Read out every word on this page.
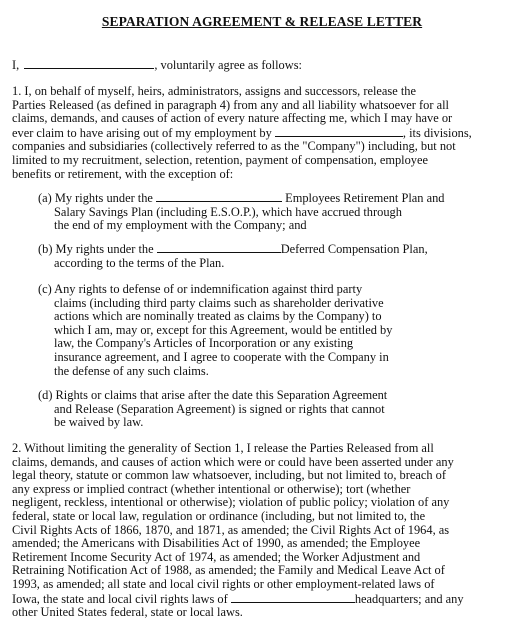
SEPARATION AGREEMENT & RELEASE LETTER
I,	, voluntarily agree as follows:
1. I, on behalf of myself, heirs, administrators, assigns and successors, release the
Parties Released (as defined in paragraph 4) from any and all liability whatsoever for all
claims, demands, and causes of action of every nature affecting me, which I may have or
ever claim to have arising out of my employment by	, its divisions,
companies and subsidiaries (collectively referred to as the "Company") including, but not
limited to my recruitment, selection, retention, payment of compensation, employee
benefits or retirement, with the exception of:
(a) My rights under the	Employees Retirement Plan and
Salary Savings Plan (including E.S.O.P.), which have accrued through
the end of my employment with the Company; and
(b) My rights under the	Deferred Compensation Plan,
according to the terms of the Plan.
(c) Any rights to defense of or indemnification against third party
claims (including third party claims such as shareholder derivative
actions which are nominally treated as claims by the Company) to
which I am, may or, except for this Agreement, would be entitled by
law, the Company's Articles of Incorporation or any existing
insurance agreement, and I agree to cooperate with the Company in
the defense of any such claims.
(d) Rights or claims that arise after the date this Separation Agreement
and Release (Separation Agreement) is signed or rights that cannot
be waived by law.
2. Without limiting the generality of Section 1, I release the Parties Released from all
claims, demands, and causes of action which were or could have been asserted under any
legal theory, statute or common law whatsoever, including, but not limited to, breach of
any express or implied contract (whether intentional or otherwise); tort (whether
negligent, reckless, intentional or otherwise); violation of public policy; violation of any
federal, state or local law, regulation or ordinance (including, but not limited to, the
Civil Rights Acts of 1866, 1870, and 1871, as amended; the Civil Rights Act of 1964, as
amended; the Americans with Disabilities Act of 1990, as amended; the Employee
Retirement Income Security Act of 1974, as amended; the Worker Adjustment and
Retraining Notification Act of 1988, as amended; the Family and Medical Leave Act of
1993, as amended; all state and local civil rights or other employment-related laws of
Iowa, the state and local civil rights laws of	headquarters; and any
other United States federal, state or local laws.
